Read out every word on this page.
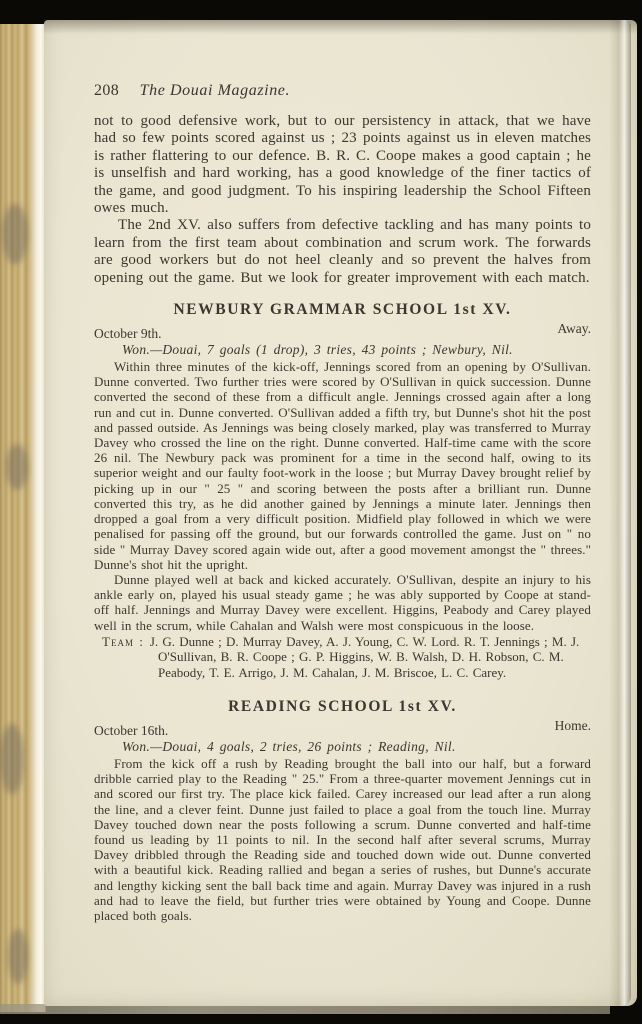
208 The Douai Magazine.

not to good defensive work, but to our persistency in attack, that we have had so few points scored against us ; 23 points against us in eleven matches is rather flattering to our defence. B. R. C. Coope makes a good captain ; he is unselfish and hard working, has a good knowledge of the finer tactics of the game, and good judgment. To his inspiring leadership the School Fifteen owes much.

The 2nd XV. also suffers from defective tackling and has many points to learn from the first team about combination and scrum work. The forwards are good workers but do not heel cleanly and so prevent the halves from opening out the game. But we look for greater improvement with each match.

NEWBURY GRAMMAR SCHOOL 1st XV.
October 9th.	Away.

Won.—Douai, 7 goals (1 drop), 3 tries, 43 points ; Newbury, Nil.

Within three minutes of the kick-off, Jennings scored from an opening by O'Sullivan. Dunne converted. Two further tries were scored by O'Sullivan in quick succession. Dunne converted the second of these from a difficult angle. Jennings crossed again after a long run and cut in. Dunne converted. O'Sullivan added a fifth try, but Dunne's shot hit the post and passed outside. As Jennings was being closely marked, play was transferred to Murray Davey who crossed the line on the right. Dunne converted. Half-time came with the score 26 nil. The Newbury pack was prominent for a time in the second half, owing to its superior weight and our faulty foot-work in the loose ; but Murray Davey brought relief by picking up in our " 25 " and scoring between the posts after a brilliant run. Dunne converted this try, as he did another gained by Jennings a minute later. Jennings then dropped a goal from a very difficult position. Midfield play followed in which we were penalised for passing off the ground, but our forwards controlled the game. Just on " no side " Murray Davey scored again wide out, after a good movement amongst the " threes." Dunne's shot hit the upright.

Dunne played well at back and kicked accurately. O'Sullivan, despite an injury to his ankle early on, played his usual steady game ; he was ably supported by Coope at stand-off half. Jennings and Murray Davey were excellent. Higgins, Peabody and Carey played well in the scrum, while Cahalan and Walsh were most conspicuous in the loose.

Team : J. G. Dunne ; D. Murray Davey, A. J. Young, C. W. Lord. R. T. Jennings ; M. J. O'Sullivan, B. R. Coope ; G. P. Higgins, W. B. Walsh, D. H. Robson, C. M. Peabody, T. E. Arrigo, J. M. Cahalan, J. M. Briscoe, L. C. Carey.

READING SCHOOL 1st XV.
October 16th.	Home.

Won.—Douai, 4 goals, 2 tries, 26 points ; Reading, Nil.

From the kick off a rush by Reading brought the ball into our half, but a forward dribble carried play to the Reading " 25." From a three-quarter movement Jennings cut in and scored our first try. The place kick failed. Carey increased our lead after a run along the line, and a clever feint. Dunne just failed to place a goal from the touch line. Murray Davey touched down near the posts following a scrum. Dunne converted and half-time found us leading by 11 points to nil. In the second half after several scrums, Murray Davey dribbled through the Reading side and touched down wide out. Dunne converted with a beautiful kick. Reading rallied and began a series of rushes, but Dunne's accurate and lengthy kicking sent the ball back time and again. Murray Davey was injured in a rush and had to leave the field, but further tries were obtained by Young and Coope. Dunne placed both goals.
